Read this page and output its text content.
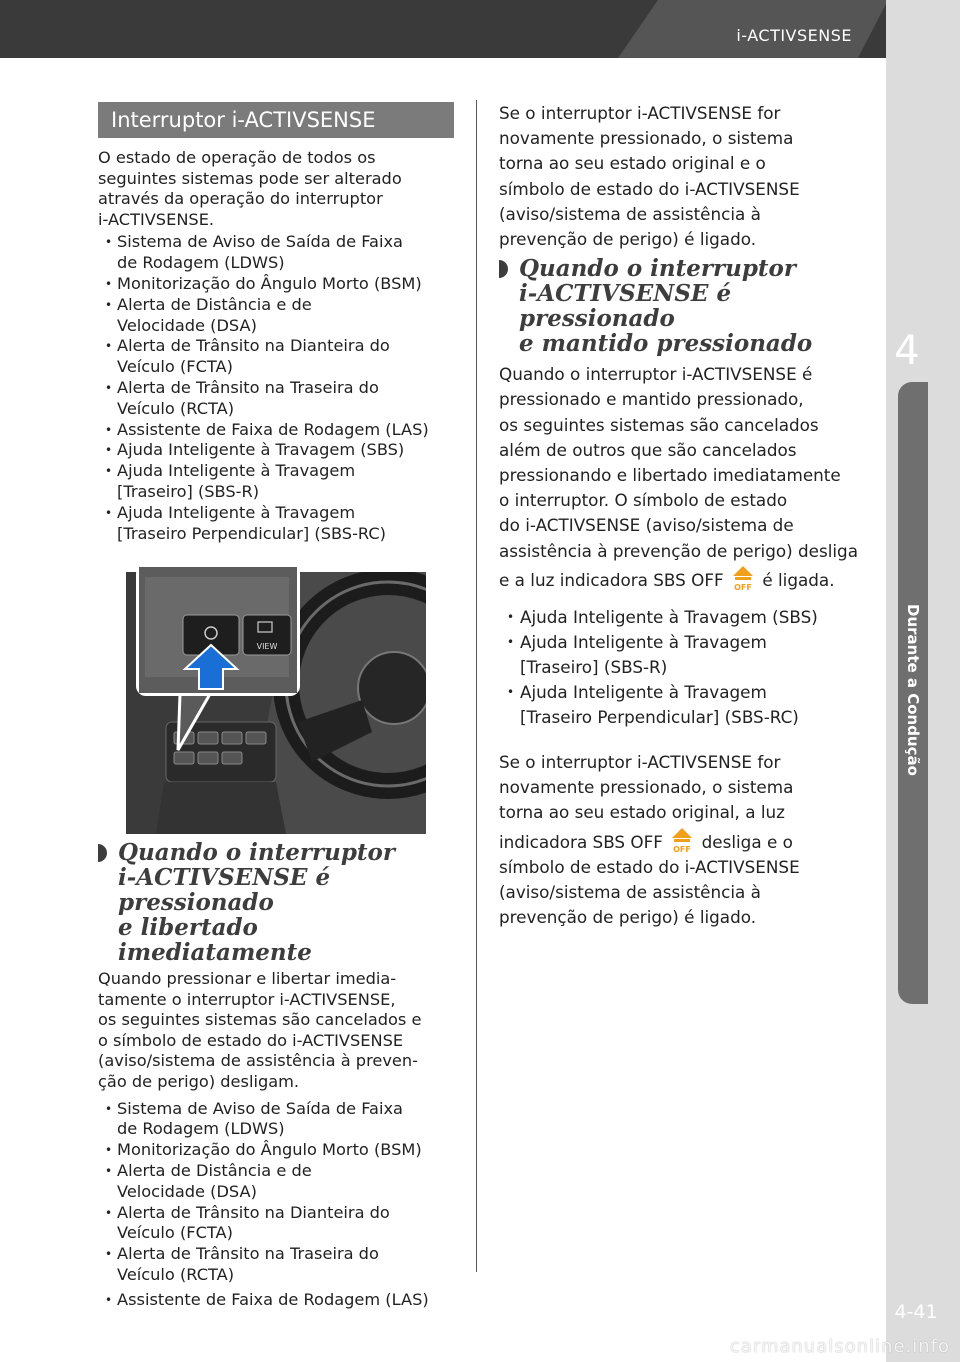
i-ACTIVSENSE
4
Durante a Condução
4-41
carmanualsonline.info
Interruptor i-ACTIVSENSE
O estado de operação de todos os
seguintes sistemas pode ser alterado
através da operação do interruptor
i-ACTIVSENSE.
• Sistema de Aviso de Saída de Faixa
de Rodagem (LDWS)
• Monitorização do Ângulo Morto (BSM)
• Alerta de Distância e de
Velocidade (DSA)
• Alerta de Trânsito na Dianteira do
Veículo (FCTA)
• Alerta de Trânsito na Traseira do
Veículo (RCTA)
• Assistente de Faixa de Rodagem (LAS)
• Ajuda Inteligente à Travagem (SBS)
• Ajuda Inteligente à Travagem
[Traseiro] (SBS-R)
• Ajuda Inteligente à Travagem
[Traseiro Perpendicular] (SBS-RC)
VIEW
Quando o interruptor
i-ACTIVSENSE é pressionado
e libertado imediatamente
Quando pressionar e libertar imedia-
tamente o interruptor i-ACTIVSENSE,
os seguintes sistemas são cancelados e
o símbolo de estado do i-ACTIVSENSE
(aviso/sistema de assistência à preven-
ção de perigo) desligam.
• Sistema de Aviso de Saída de Faixa
de Rodagem (LDWS)
• Monitorização do Ângulo Morto (BSM)
• Alerta de Distância e de
Velocidade (DSA)
• Alerta de Trânsito na Dianteira do
Veículo (FCTA)
• Alerta de Trânsito na Traseira do
Veículo (RCTA)
• Assistente de Faixa de Rodagem (LAS)
Se o interruptor i-ACTIVSENSE for
novamente pressionado, o sistema
torna ao seu estado original e o
símbolo de estado do i-ACTIVSENSE
(aviso/sistema de assistência à
prevenção de perigo) é ligado.
Quando o interruptor
i-ACTIVSENSE é pressionado
e mantido pressionado
Quando o interruptor i-ACTIVSENSE é
pressionado e mantido pressionado,
os seguintes sistemas são cancelados
além de outros que são cancelados
pressionando e libertado imediatamente
o interruptor. O símbolo de estado
do i-ACTIVSENSE (aviso/sistema de
assistência à prevenção de perigo) desliga
e a luz indicadora SBS OFF OFF é ligada.
• Ajuda Inteligente à Travagem (SBS)
• Ajuda Inteligente à Travagem
[Traseiro] (SBS-R)
• Ajuda Inteligente à Travagem
[Traseiro Perpendicular] (SBS-RC)
Se o interruptor i-ACTIVSENSE for
novamente pressionado, o sistema
torna ao seu estado original, a luz
indicadora SBS OFF OFF desliga e o
símbolo de estado do i-ACTIVSENSE
(aviso/sistema de assistência à
prevenção de perigo) é ligado.
